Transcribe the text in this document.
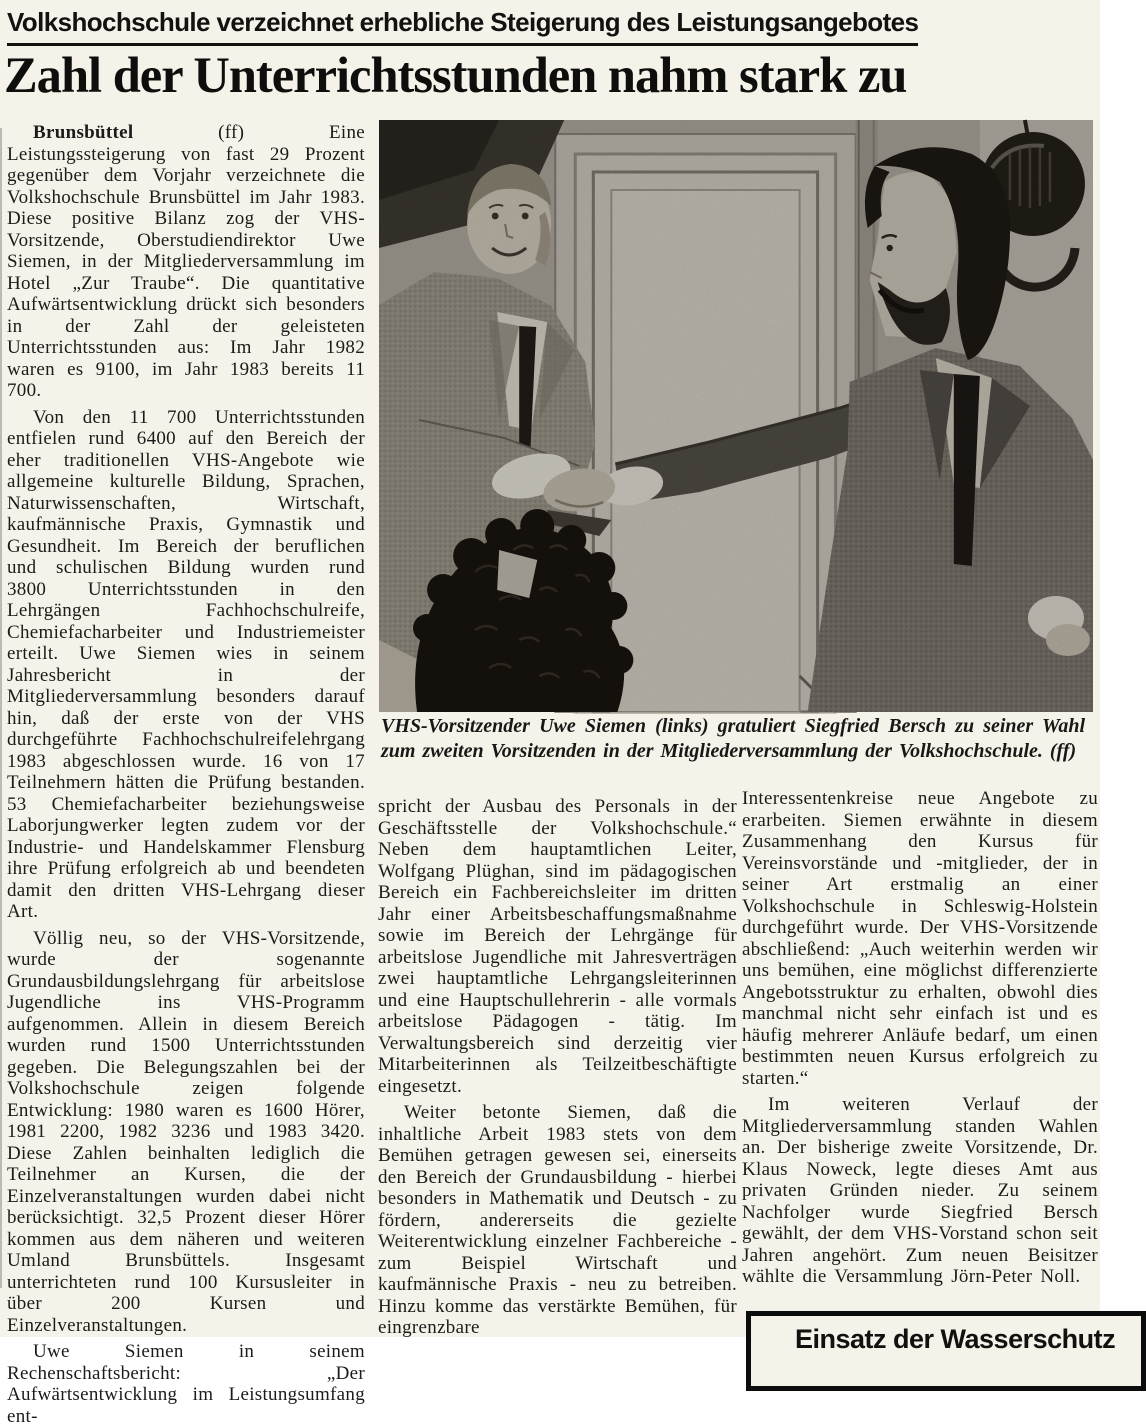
Volkshochschule verzeichnet erhebliche Steigerung des Leistungsangebotes
Zahl der Unterrichtsstunden nahm stark zu

Brunsbüttel	(ff)	Eine Leistungssteigerung von fast 29 Prozent gegenüber dem Vorjahr verzeichnete die Volkshochschule Brunsbüttel im Jahr 1983. Diese positive Bilanz zog der VHS-Vorsitzende, Oberstudiendirektor Uwe Siemen, in der Mitgliederversammlung im Hotel „Zur Traube“. Die quantitative Aufwärtsentwicklung drückt sich besonders in der Zahl der geleisteten Unterrichtsstunden aus: Im Jahr 1982 waren es 9100, im Jahr 1983 bereits 11 700.

Von den 11 700 Unterrichtsstunden entfielen rund 6400 auf den Bereich der eher traditionellen VHS-Angebote wie allgemeine kulturelle Bildung, Sprachen, Naturwissenschaften, Wirtschaft, kaufmännische Praxis, Gymnastik und Gesundheit. Im Bereich der beruflichen und schulischen Bildung wurden rund 3800 Unterrichtsstunden in den Lehrgängen Fachhochschulreife, Chemiefacharbeiter und Industriemeister erteilt. Uwe Siemen wies in seinem Jahresbericht in der Mitgliederversammlung besonders darauf hin, daß der erste von der VHS durchgeführte Fachhochschulreifelehrgang 1983 abgeschlossen wurde. 16 von 17 Teilnehmern hätten die Prüfung bestanden. 53 Chemiefacharbeiter beziehungsweise Laborjungwerker legten zudem vor der Industrie- und Handelskammer Flensburg ihre Prüfung erfolgreich ab und beendeten damit den dritten VHS-Lehrgang dieser Art.

Völlig neu, so der VHS-Vorsitzende, wurde der sogenannte Grundausbildungslehrgang für arbeitslose Jugendliche ins VHS-Programm aufgenommen. Allein in diesem Bereich wurden rund 1500 Unterrichtsstunden gegeben. Die Belegungszahlen bei der Volkshochschule zeigen folgende Entwicklung: 1980 waren es 1600 Hörer, 1981 2200, 1982 3236 und 1983 3420. Diese Zahlen beinhalten lediglich die Teilnehmer an Kursen, die der Einzelveranstaltungen wurden dabei nicht berücksichtigt. 32,5 Prozent dieser Hörer kommen aus dem näheren und weiteren Umland Brunsbüttels. Insgesamt unterrichteten rund 100 Kursusleiter in über 200 Kursen und Einzelveranstaltungen.

Uwe Siemen in seinem Rechenschaftsbericht: „Der Aufwärtsentwicklung im Leistungsumfang ent-

VHS-Vorsitzender Uwe Siemen (links) gratuliert Siegfried Bersch zu seiner Wahl zum zweiten Vorsitzenden in der Mitgliederversammlung der Volkshochschule. (ff)

spricht der Ausbau des Personals in der Geschäftsstelle der Volkshochschule.“ Neben dem hauptamtlichen Leiter, Wolfgang Plüghan, sind im pädagogischen Bereich ein Fachbereichsleiter im dritten Jahr einer Arbeitsbeschaffungsmaßnahme sowie im Bereich der Lehrgänge für arbeitslose Jugendliche mit Jahresverträgen zwei hauptamtliche Lehrgangsleiterinnen und eine Hauptschullehrerin - alle vormals arbeitslose Pädagogen - tätig. Im Verwaltungsbereich sind derzeitig vier Mitarbeiterinnen als Teilzeitbeschäftigte eingesetzt.

Weiter betonte Siemen, daß die inhaltliche Arbeit 1983 stets von dem Bemühen getragen gewesen sei, einerseits den Bereich der Grundausbildung - hierbei besonders in Mathematik und Deutsch - zu fördern, andererseits die gezielte Weiterentwicklung einzelner Fachbereiche - zum Beispiel Wirtschaft und kaufmännische Praxis - neu zu betreiben. Hinzu komme das verstärkte Bemühen, für eingrenzbare

Interessentenkreise neue Angebote zu erarbeiten. Siemen erwähnte in diesem Zusammenhang den Kursus für Vereinsvorstände und -mitglieder, der in seiner Art erstmalig an einer Volkshochschule in Schleswig-Holstein durchgeführt wurde. Der VHS-Vorsitzende abschließend: „Auch weiterhin werden wir uns bemühen, eine möglichst differenzierte Angebotsstruktur zu erhalten, obwohl dies manchmal nicht sehr einfach ist und es häufig mehrerer Anläufe bedarf, um einen bestimmten neuen Kursus erfolgreich zu starten.“

Im weiteren Verlauf der Mitgliederversammlung standen Wahlen an. Der bisherige zweite Vorsitzende, Dr. Klaus Noweck, legte dieses Amt aus privaten Gründen nieder. Zu seinem Nachfolger wurde Siegfried Bersch gewählt, der dem VHS-Vorstand schon seit Jahren angehört. Zum neuen Beisitzer wählte die Versammlung Jörn-Peter Noll.

Einsatz der Wasserschutz
